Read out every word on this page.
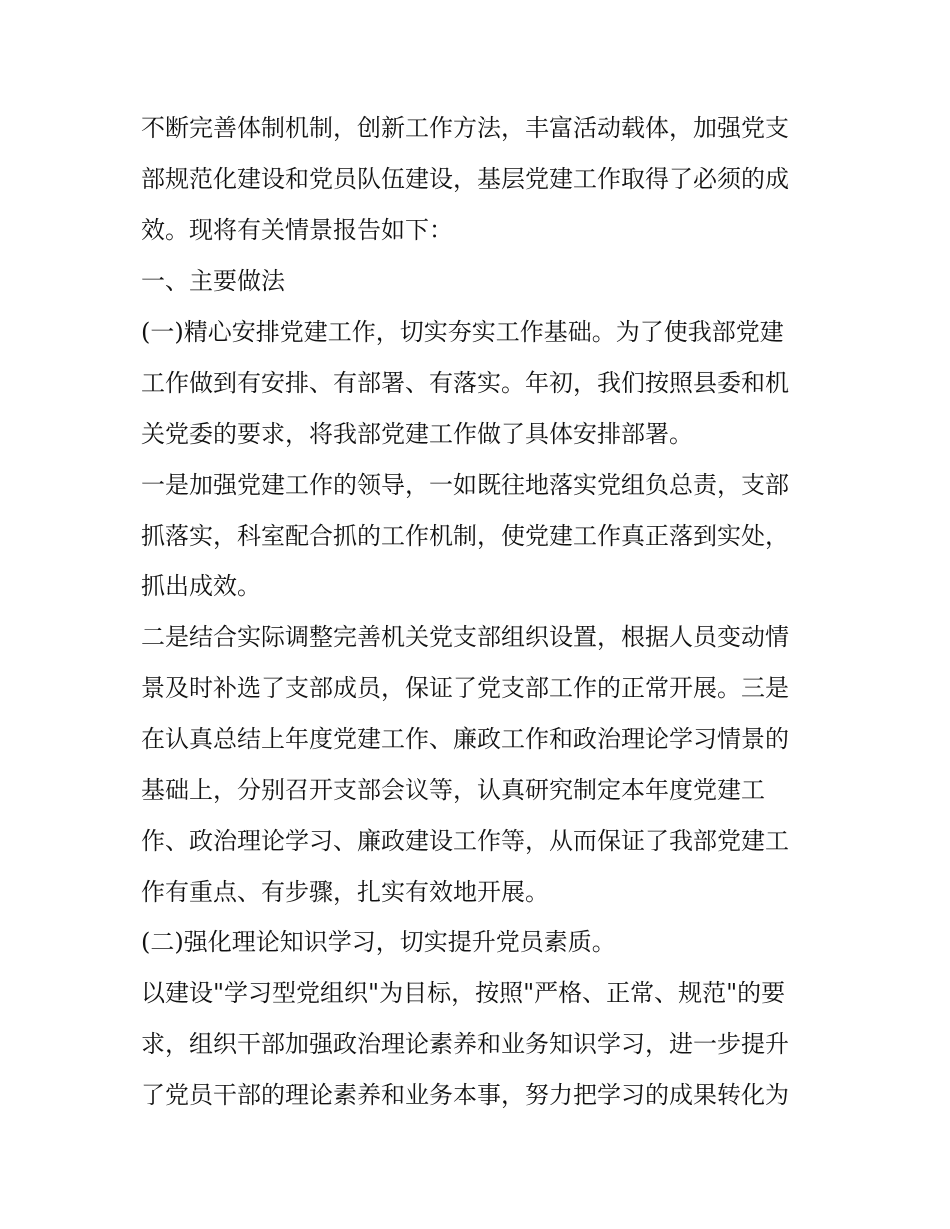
不断完善体制机制，创新工作方法，丰富活动载体，加强党支
部规范化建设和党员队伍建设，基层党建工作取得了必须的成
效。现将有关情景报告如下：
一、主要做法
(一)精心安排党建工作，切实夯实工作基础。为了使我部党建
工作做到有安排、有部署、有落实。年初，我们按照县委和机
关党委的要求，将我部党建工作做了具体安排部署。
一是加强党建工作的领导，一如既往地落实党组负总责，支部
抓落实，科室配合抓的工作机制，使党建工作真正落到实处，
抓出成效。
二是结合实际调整完善机关党支部组织设置，根据人员变动情
景及时补选了支部成员，保证了党支部工作的正常开展。三是
在认真总结上年度党建工作、廉政工作和政治理论学习情景的
基础上，分别召开支部会议等，认真研究制定本年度党建工
作、政治理论学习、廉政建设工作等，从而保证了我部党建工
作有重点、有步骤，扎实有效地开展。
(二)强化理论知识学习，切实提升党员素质。
以建设"学习型党组织"为目标，按照"严格、正常、规范"的要
求，组织干部加强政治理论素养和业务知识学习，进一步提升
了党员干部的理论素养和业务本事，努力把学习的成果转化为
